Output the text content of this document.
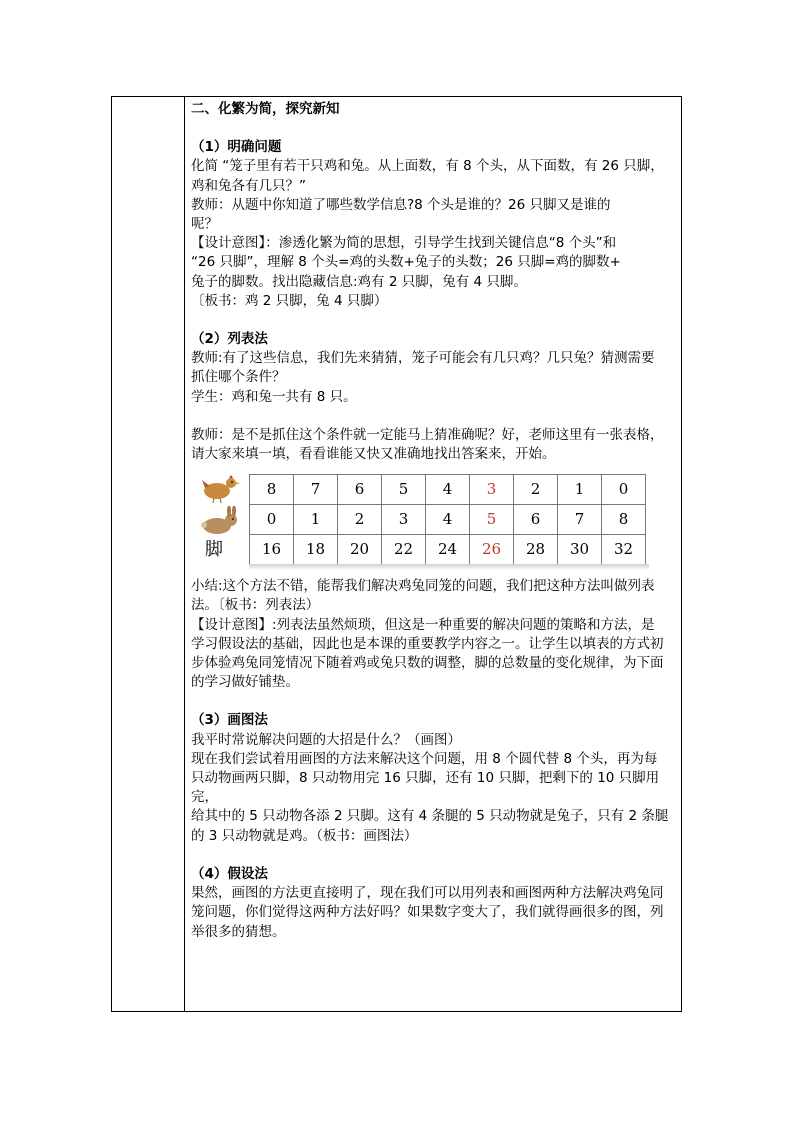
二、化繁为简，探究新知

（1）明确问题

化简 “笼子里有若干只鸡和兔。从上面数，有 8 个头，从下面数，有 26 只脚，

鸡和兔各有几只？”

教师：从题中你知道了哪些数学信息?8 个头是谁的？26 只脚又是谁的

呢？

【设计意图】：渗透化繁为简的思想，引导学生找到关键信息“8 个头”和

“26 只脚”，理解 8 个头=鸡的头数+兔子的头数；26 只脚=鸡的脚数+

兔子的脚数。找出隐藏信息:鸡有 2 只脚，兔有 4 只脚。

〔板书：鸡 2 只脚，兔 4 只脚）

（2）列表法

教师:有了这些信息，我们先来猜猜，笼子可能会有几只鸡？几只兔？猜测需要

抓住哪个条件？

学生：鸡和兔一共有 8 只。

教师：是不是抓住这个条件就一定能马上猜准确呢？好，老师这里有一张表格，

请大家来填一填，看看谁能又快又准确地找出答案来，开始。

脚
8	7	6	5	4	3	2	1	0
0	1	2	3	4	5	6	7	8
16	18	20	22	24	26	28	30	32

小结:这个方法不错，能帮我们解决鸡兔同笼的问题，我们把这种方法叫做列表

法。〔板书：列表法）

【设计意图】:列表法虽然烦琐，但这是一种重要的解决问题的策略和方法，是

学习假设法的基础，因此也是本课的重要教学内容之一。让学生以填表的方式初

步体验鸡兔同笼情况下随着鸡或兔只数的调整，脚的总数量的变化规律，为下面

的学习做好铺垫。

（3）画图法

我平时常说解决问题的大招是什么？（画图）

现在我们尝试着用画图的方法来解决这个问题，用 8 个圆代替 8 个头，再为每

只动物画两只脚，8 只动物用完 16 只脚，还有 10 只脚，把剩下的 10 只脚用完，

给其中的 5 只动物各添 2 只脚。这有 4 条腿的 5 只动物就是兔子，只有 2 条腿

的 3 只动物就是鸡。（板书：画图法）

（4）假设法

果然，画图的方法更直接明了，现在我们可以用列表和画图两种方法解决鸡兔同

笼问题，你们觉得这两种方法好吗？如果数字变大了，我们就得画很多的图，列

举很多的猜想。
